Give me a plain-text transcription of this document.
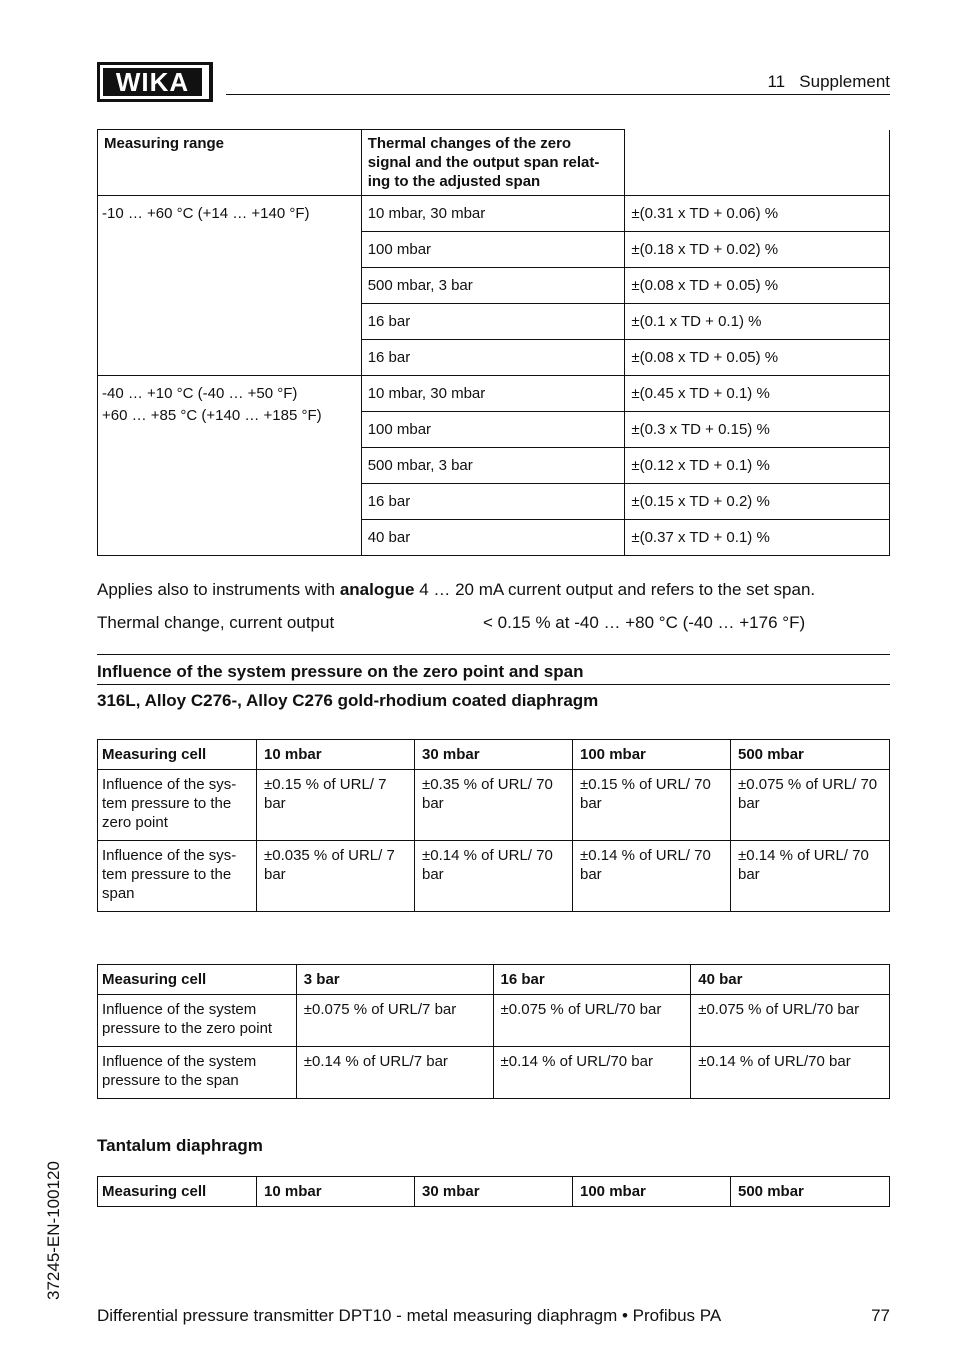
WIKA	11   Supplement
Measuring range	Thermal changes of the zero signal and the output span relat-ing to the adjusted span	

-10 … +60 °C (+14 … +140 °F)	10 mbar, 30 mbar	±(0.31 x TD + 0.06) %
	100 mbar	±(0.18 x TD + 0.02) %
	500 mbar, 3 bar	±(0.08 x TD + 0.05) %
	16 bar	±(0.1 x TD + 0.1) %
	16 bar	±(0.08 x TD + 0.05) %

-40 … +10 °C (-40 … +50 °F)
+60 … +85 °C (+140 … +185 °F)	10 mbar, 30 mbar	±(0.45 x TD + 0.1) %
	100 mbar	±(0.3 x TD + 0.15) %
	500 mbar, 3 bar	±(0.12 x TD + 0.1) %
	16 bar	±(0.15 x TD + 0.2) %
	40 bar	±(0.37 x TD + 0.1) %
Applies also to instruments with analogue 4 … 20 mA current output and refers to the set span.
Thermal change, current output	< 0.15 % at -40 … +80 °C (-40 … +176 °F)
Influence of the system pressure on the zero point and span
316L, Alloy C276-, Alloy C276 gold-rhodium coated diaphragm
Measuring cell	10 mbar	30 mbar	100 mbar	500 mbar
Influence of the sys-tem pressure to the zero point	±0.15 % of URL/ 7 bar	±0.35 % of URL/ 70 bar	±0.15 % of URL/ 70 bar	±0.075 % of URL/ 70 bar
Influence of the sys-tem pressure to the span	±0.035 % of URL/ 7 bar	±0.14 % of URL/ 70 bar	±0.14 % of URL/ 70 bar	±0.14 % of URL/ 70 bar
Measuring cell	3 bar	16 bar	40 bar
Influence of the system pressure to the zero point	±0.075 % of URL/7 bar	±0.075 % of URL/70 bar	±0.075 % of URL/70 bar
Influence of the system pressure to the span	±0.14 % of URL/7 bar	±0.14 % of URL/70 bar	±0.14 % of URL/70 bar
Tantalum diaphragm
Measuring cell	10 mbar	30 mbar	100 mbar	500 mbar
37245-EN-100120
Differential pressure transmitter DPT10 - metal measuring diaphragm • Profibus PA	77
